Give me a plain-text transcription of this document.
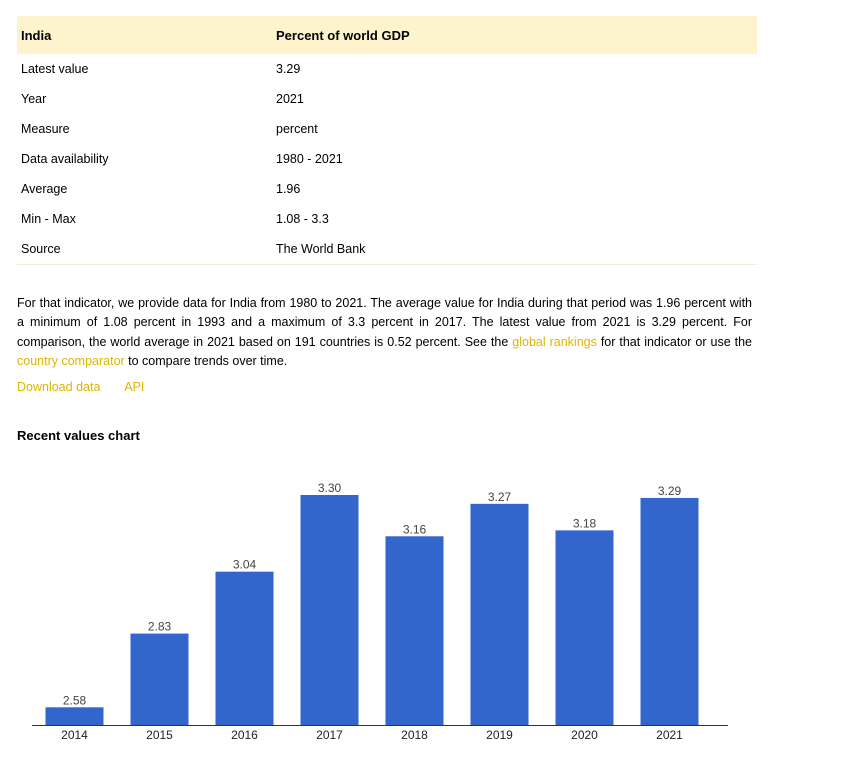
India	Percent of world GDP
Latest value	3.29
Year	2021
Measure	percent
Data availability	1980 - 2021
Average	1.96
Min - Max	1.08 - 3.3
Source	The World Bank

For that indicator, we provide data for India from 1980 to 2021. The average value for India during that period was 1.96 percent with a minimum of 1.08 percent in 1993 and a maximum of 3.3 percent in 2017. The latest value from 2021 is 3.29 percent. For comparison, the world average in 2021 based on 191 countries is 0.52 percent. See the global rankings for that indicator or use the country comparator to compare trends over time.

Download data API
Recent values chart
2.58
2014
2.83
2015
3.04
2016
3.30
2017
3.16
2018
3.27
2019
3.18
2020
3.29
2021
